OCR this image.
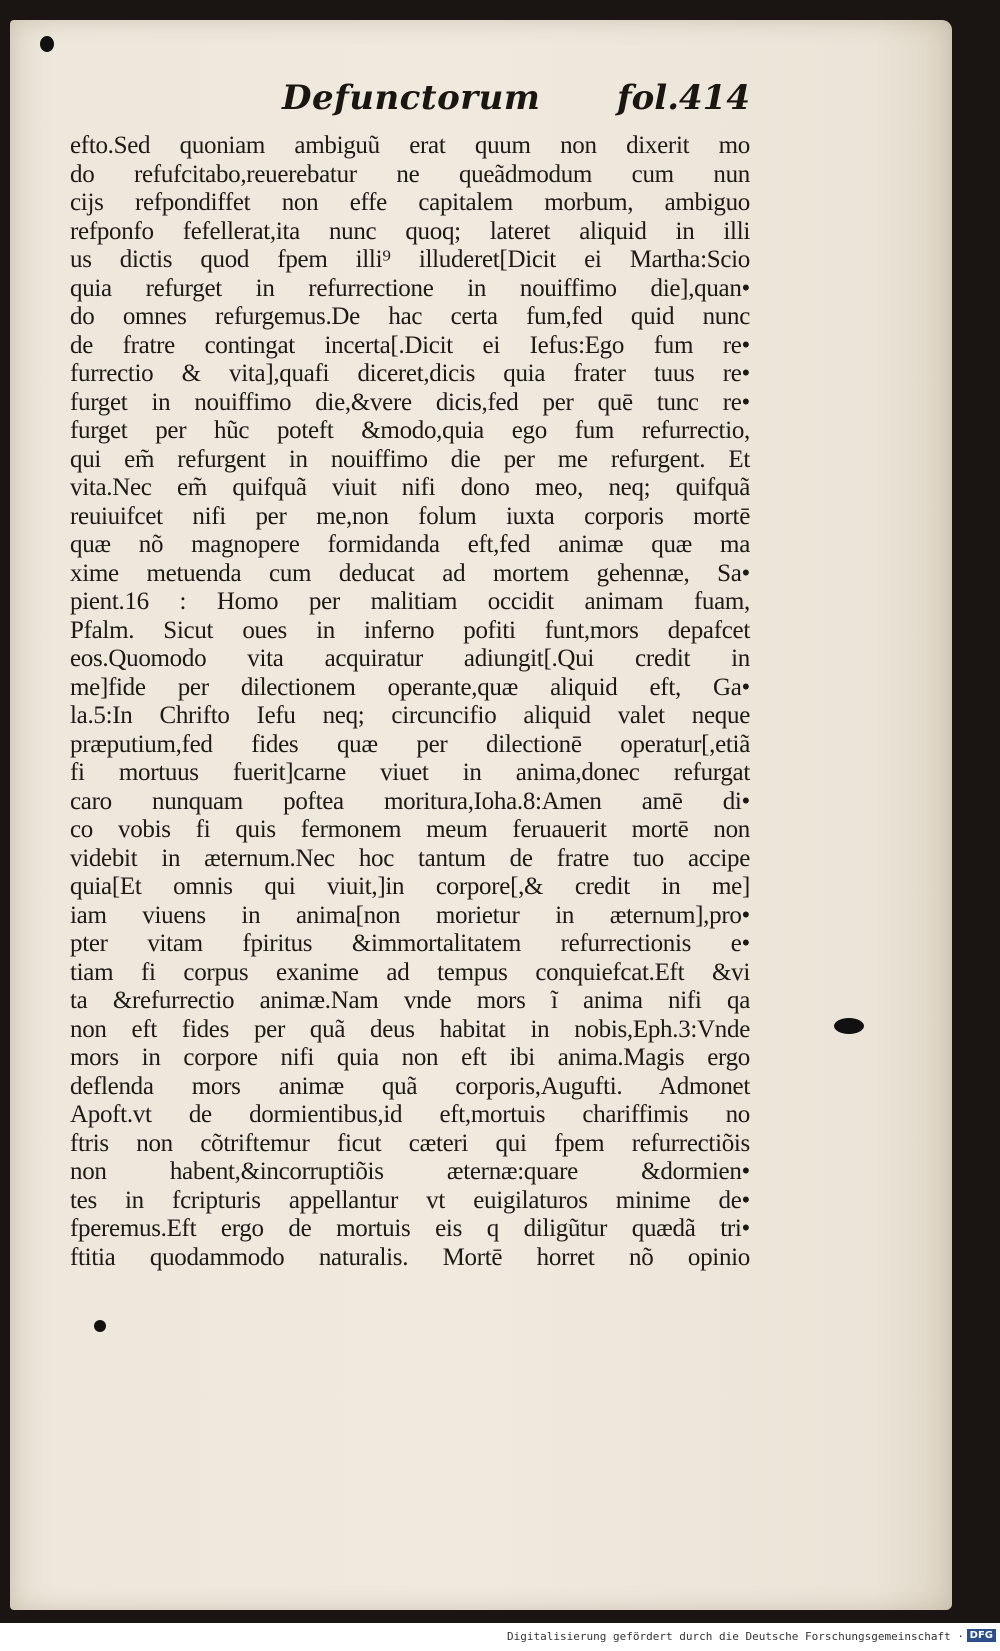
Defunctorum fol.414
efto.Sed quoniam ambiguũ erat quum non dixerit mo
do refufcitabo,reuerebatur ne queãdmodum cum nun
cijs refpondiffet non effe capitalem morbum, ambiguo
refponfo fefellerat,ita nunc quoq; lateret aliquid in illi
us dictis quod fpem illi⁹ illuderet[Dicit ei Martha:Scio
quia refurget in refurrectione in nouiffimo die],quan•
do omnes refurgemus.De hac certa fum,fed quid nunc
de fratre contingat incerta[.Dicit ei Iefus:Ego fum re•
furrectio & vita],quafi diceret,dicis quia frater tuus re•
furget in nouiffimo die,&vere dicis,fed per quē tunc re•
furget per hũc poteft &modo,quia ego fum refurrectio,
qui em̃ refurgent in nouiffimo die per me refurgent. Et
vita.Nec em̃ quifquã viuit nifi dono meo, neq; quifquã
reuiuifcet nifi per me,non folum iuxta corporis mortē
quæ nõ magnopere formidanda eft,fed animæ quæ ma
xime metuenda cum deducat ad mortem gehennæ, Sa•
pient.16 : Homo per malitiam occidit animam fuam,
Pfalm. Sicut oues in inferno pofiti funt,mors depafcet
eos.Quomodo vita acquiratur adiungit[.Qui credit in
me]fide per dilectionem operante,quæ aliquid eft, Ga•
la.5:In Chrifto Iefu neq; circuncifio aliquid valet neque
præputium,fed fides quæ per dilectionē operatur[,etiã
fi mortuus fuerit]carne viuet in anima,donec refurgat
caro nunquam poftea moritura,Ioha.8:Amen amē di•
co vobis fi quis fermonem meum feruauerit mortē non
videbit in æternum.Nec hoc tantum de fratre tuo accipe
quia[Et omnis qui viuit,]in corpore[,& credit in me]
iam viuens in anima[non morietur in æternum],pro•
pter vitam fpiritus &immortalitatem refurrectionis e•
tiam fi corpus exanime ad tempus conquiefcat.Eft &vi
ta &refurrectio animæ.Nam vnde mors ĩ anima nifi qa
non eft fides per quã deus habitat in nobis,Eph.3:Vnde
mors in corpore nifi quia non eft ibi anima.Magis ergo
deflenda mors animæ quã corporis,Augufti. Admonet
Apoft.vt de dormientibus,id eft,mortuis chariffimis no
ftris non cõtriftemur ficut cæteri qui fpem refurrectiõis
non habent,&incorruptiõis æternæ:quare &dormien•
tes in fcripturis appellantur vt euigilaturos minime de•
fperemus.Eft ergo de mortuis eis q diligũtur quædã tri•
ftitia quodammodo naturalis. Mortē horret nõ opinio
Digitalisierung gefördert durch die Deutsche Forschungsgemeinschaft · DFG
